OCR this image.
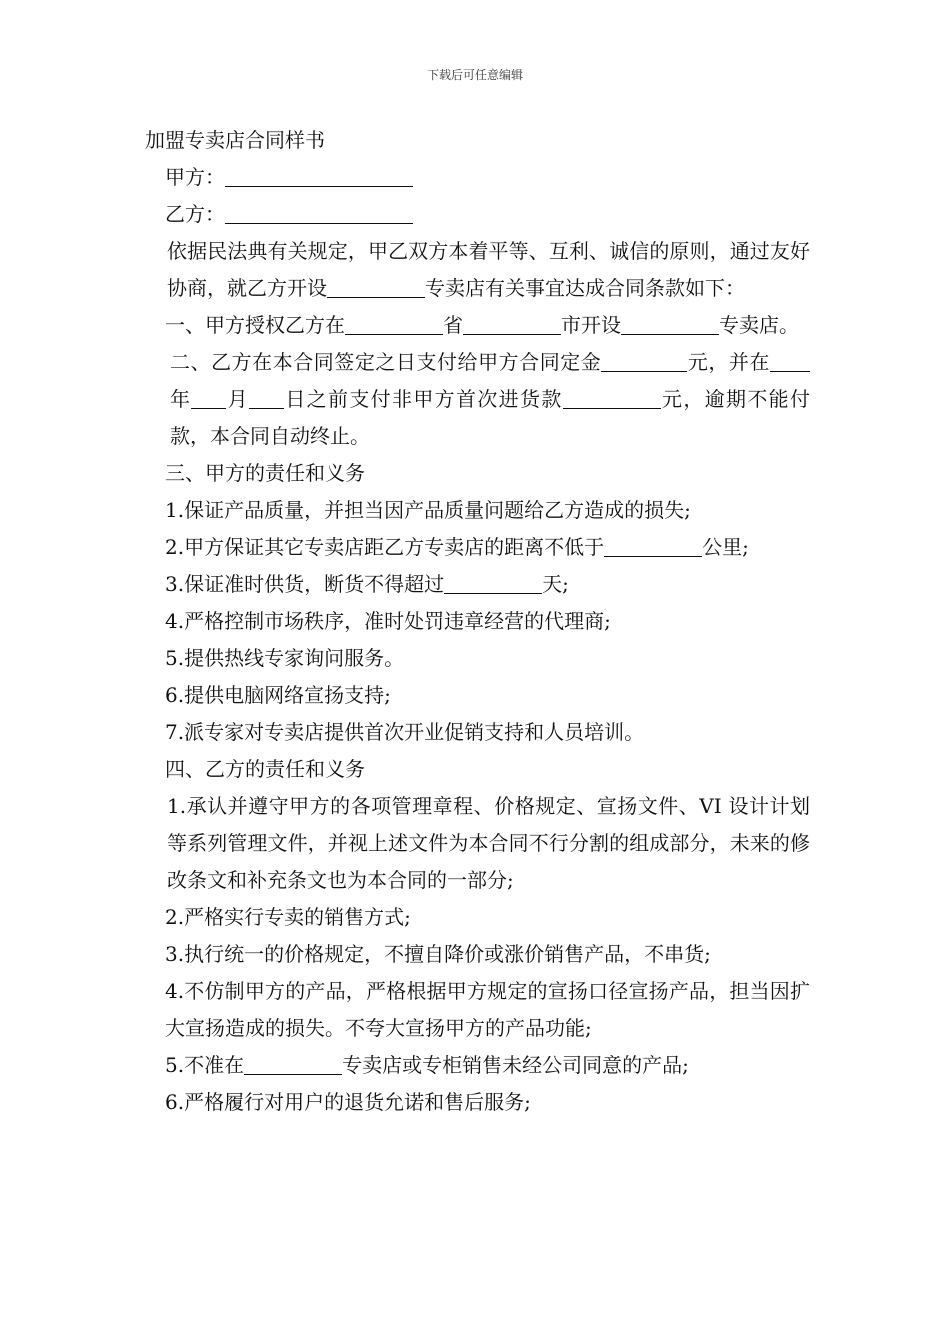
下载后可任意编辑

加盟专卖店合同样书

甲方：

乙方：

依据民法典有关规定，甲乙双方本着平等、互利、诚信的原则，通过友好协商，就乙方开设	专卖店有关事宜达成合同条款如下：

一、甲方授权乙方在	省	市开设	专卖店。

二、乙方在本合同签定之日支付给甲方合同定金	元，并在年 月 日之前支付非甲方首次进货款	元，逾期不能付款，本合同自动终止。

三、甲方的责任和义务

1.保证产品质量，并担当因产品质量问题给乙方造成的损失;

2.甲方保证其它专卖店距乙方专卖店的距离不低于	公里;

3.保证准时供货，断货不得超过	天;

4.严格控制市场秩序，准时处罚违章经营的代理商;

5.提供热线专家询问服务。

6.提供电脑网络宣扬支持;

7.派专家对专卖店提供首次开业促销支持和人员培训。

四、乙方的责任和义务

1.承认并遵守甲方的各项管理章程、价格规定、宣扬文件、VI 设计计划等系列管理文件，并视上述文件为本合同不行分割的组成部分，未来的修改条文和补充条文也为本合同的一部分;

2.严格实行专卖的销售方式;

3.执行统一的价格规定，不擅自降价或涨价销售产品，不串货;

4.不仿制甲方的产品，严格根据甲方规定的宣扬口径宣扬产品，担当因扩大宣扬造成的损失。不夸大宣扬甲方的产品功能;

5.不准在	专卖店或专柜销售未经公司同意的产品;

6.严格履行对用户的退货允诺和售后服务;
